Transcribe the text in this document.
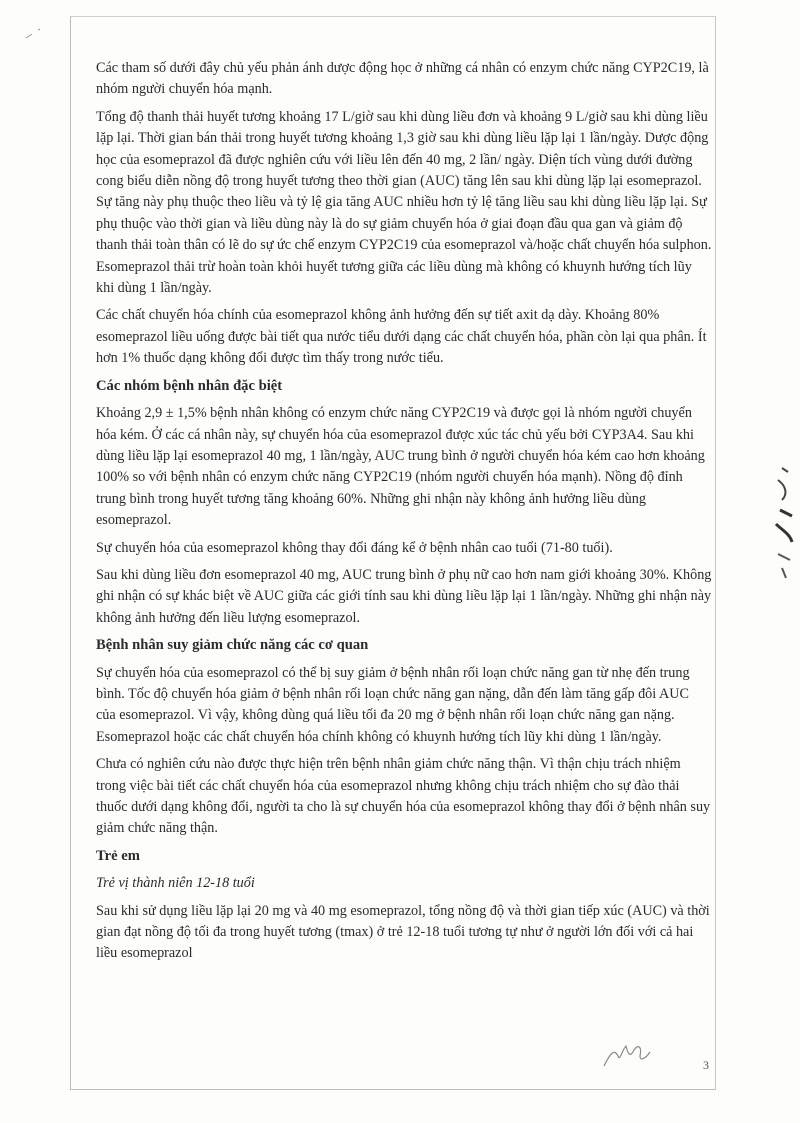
Các tham số dưới đây chủ yếu phản ánh dược động học ở những cá nhân có enzym chức năng CYP2C19, là nhóm người chuyển hóa mạnh.

Tổng độ thanh thải huyết tương khoảng 17 L/giờ sau khi dùng liều đơn và khoảng 9 L/giờ sau khi dùng liều lặp lại. Thời gian bán thải trong huyết tương khoảng 1,3 giờ sau khi dùng liều lặp lại 1 lần/ngày. Dược động học của esomeprazol đã được nghiên cứu với liều lên đến 40 mg, 2 lần/ ngày. Diện tích vùng dưới đường cong biểu diễn nồng độ trong huyết tương theo thời gian (AUC) tăng lên sau khi dùng lặp lại esomeprazol. Sự tăng này phụ thuộc theo liều và tỷ lệ gia tăng AUC nhiều hơn tỷ lệ tăng liều sau khi dùng liều lặp lại. Sự phụ thuộc vào thời gian và liều dùng này là do sự giảm chuyển hóa ở giai đoạn đầu qua gan và giảm độ thanh thải toàn thân có lẽ do sự ức chế enzym CYP2C19 của esomeprazol và/hoặc chất chuyển hóa sulphon. Esomeprazol thải trừ hoàn toàn khỏi huyết tương giữa các liều dùng mà không có khuynh hướng tích lũy khi dùng 1 lần/ngày.

Các chất chuyển hóa chính của esomeprazol không ảnh hưởng đến sự tiết axit dạ dày. Khoảng 80% esomeprazol liều uống được bài tiết qua nước tiểu dưới dạng các chất chuyển hóa, phần còn lại qua phân. Ít hơn 1% thuốc dạng không đổi được tìm thấy trong nước tiểu.

Các nhóm bệnh nhân đặc biệt

Khoảng 2,9 ± 1,5% bệnh nhân không có enzym chức năng CYP2C19 và được gọi là nhóm người chuyển hóa kém. Ở các cá nhân này, sự chuyển hóa của esomeprazol được xúc tác chủ yếu bởi CYP3A4. Sau khi dùng liều lặp lại esomeprazol 40 mg, 1 lần/ngày, AUC trung bình ở người chuyển hóa kém cao hơn khoảng 100% so với bệnh nhân có enzym chức năng CYP2C19 (nhóm người chuyển hóa mạnh). Nồng độ đỉnh trung bình trong huyết tương tăng khoảng 60%. Những ghi nhận này không ảnh hưởng liều dùng esomeprazol.

Sự chuyển hóa của esomeprazol không thay đổi đáng kể ở bệnh nhân cao tuổi (71-80 tuổi).

Sau khi dùng liều đơn esomeprazol 40 mg, AUC trung bình ở phụ nữ cao hơn nam giới khoảng 30%. Không ghi nhận có sự khác biệt về AUC giữa các giới tính sau khi dùng liều lặp lại 1 lần/ngày. Những ghi nhận này không ảnh hưởng đến liều lượng esomeprazol.

Bệnh nhân suy giảm chức năng các cơ quan

Sự chuyển hóa của esomeprazol có thể bị suy giảm ở bệnh nhân rối loạn chức năng gan từ nhẹ đến trung bình. Tốc độ chuyển hóa giảm ở bệnh nhân rối loạn chức năng gan nặng, dẫn đến làm tăng gấp đôi AUC của esomeprazol. Vì vậy, không dùng quá liều tối đa 20 mg ở bệnh nhân rối loạn chức năng gan nặng. Esomeprazol hoặc các chất chuyển hóa chính không có khuynh hướng tích lũy khi dùng 1 lần/ngày.

Chưa có nghiên cứu nào được thực hiện trên bệnh nhân giảm chức năng thận. Vì thận chịu trách nhiệm trong việc bài tiết các chất chuyển hóa của esomeprazol nhưng không chịu trách nhiệm cho sự đào thải thuốc dưới dạng không đổi, người ta cho là sự chuyển hóa của esomeprazol không thay đổi ở bệnh nhân suy giảm chức năng thận.

Trẻ em
Trẻ vị thành niên 12-18 tuổi

Sau khi sử dụng liều lặp lại 20 mg và 40 mg esomeprazol, tổng nồng độ và thời gian tiếp xúc (AUC) và thời gian đạt nồng độ tối đa trong huyết tương (tmax) ở trẻ 12-18 tuổi tương tự như ở người lớn đối với cả hai liều esomeprazol

3
